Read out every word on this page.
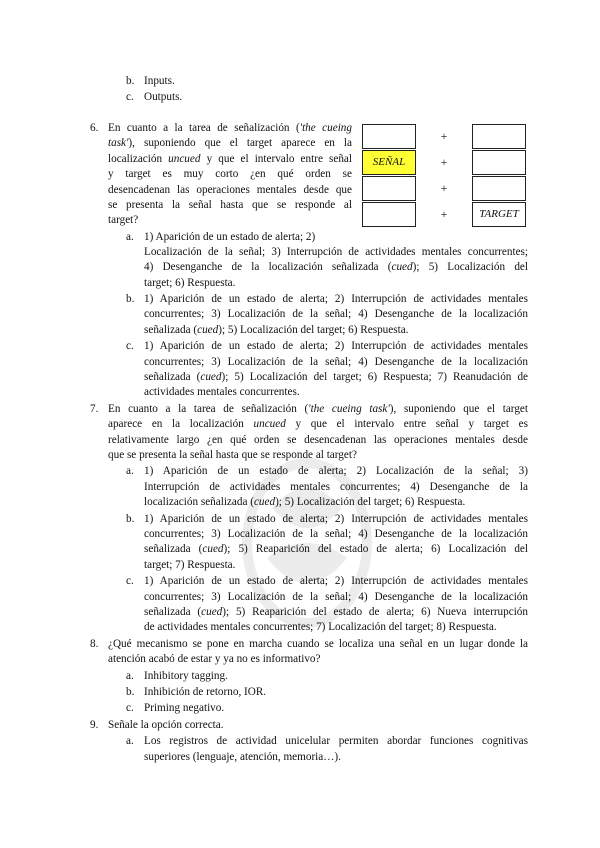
b. Inputs.
c. Outputs.
6. En cuanto a la tarea de señalización ('the cueing
task'), suponiendo que el target aparece en la
localización uncued y que el intervalo entre señal
y target es muy corto ¿en qué orden se
desencadenan las operaciones mentales desde que
se presenta la señal hasta que se responde al
target?
a. 1) Aparición de un estado de alerta; 2)
Localización de la señal; 3) Interrupción de actividades mentales concurrentes;
4) Desenganche de la localización señalizada (cued); 5) Localización del
target; 6) Respuesta.
b. 1) Aparición de un estado de alerta; 2) Interrupción de actividades mentales
concurrentes; 3) Localización de la señal; 4) Desenganche de la localización
señalizada (cued); 5) Localización del target; 6) Respuesta.
c. 1) Aparición de un estado de alerta; 2) Interrupción de actividades mentales
concurrentes; 3) Localización de la señal; 4) Desenganche de la localización
señalizada (cued); 5) Localización del target; 6) Respuesta; 7) Reanudación de
actividades mentales concurrentes.
7. En cuanto a la tarea de señalización ('the cueing task'), suponiendo que el target
aparece en la localización uncued y que el intervalo entre señal y target es
relativamente largo ¿en qué orden se desencadenan las operaciones mentales desde
que se presenta la señal hasta que se responde al target?
a. 1) Aparición de un estado de alerta; 2) Localización de la señal; 3)
Interrupción de actividades mentales concurrentes; 4) Desenganche de la
localización señalizada (cued); 5) Localización del target; 6) Respuesta.
b. 1) Aparición de un estado de alerta; 2) Interrupción de actividades mentales
concurrentes; 3) Localización de la señal; 4) Desenganche de la localización
señalizada (cued); 5) Reaparición del estado de alerta; 6) Localización del
target; 7) Respuesta.
c. 1) Aparición de un estado de alerta; 2) Interrupción de actividades mentales
concurrentes; 3) Localización de la señal; 4) Desenganche de la localización
señalizada (cued); 5) Reaparición del estado de alerta; 6) Nueva interrupción
de actividades mentales concurrentes; 7) Localización del target; 8) Respuesta.
8. ¿Qué mecanismo se pone en marcha cuando se localiza una señal en un lugar donde la
atención acabó de estar y ya no es informativo?
a. Inhibitory tagging.
b. Inhibición de retorno, IOR.
c. Priming negativo.
9. Señale la opción correcta.
a. Los registros de actividad unicelular permiten abordar funciones cognitivas
superiores (lenguaje, atención, memoria…).
SEÑAL
+
+
+
+	TARGET
